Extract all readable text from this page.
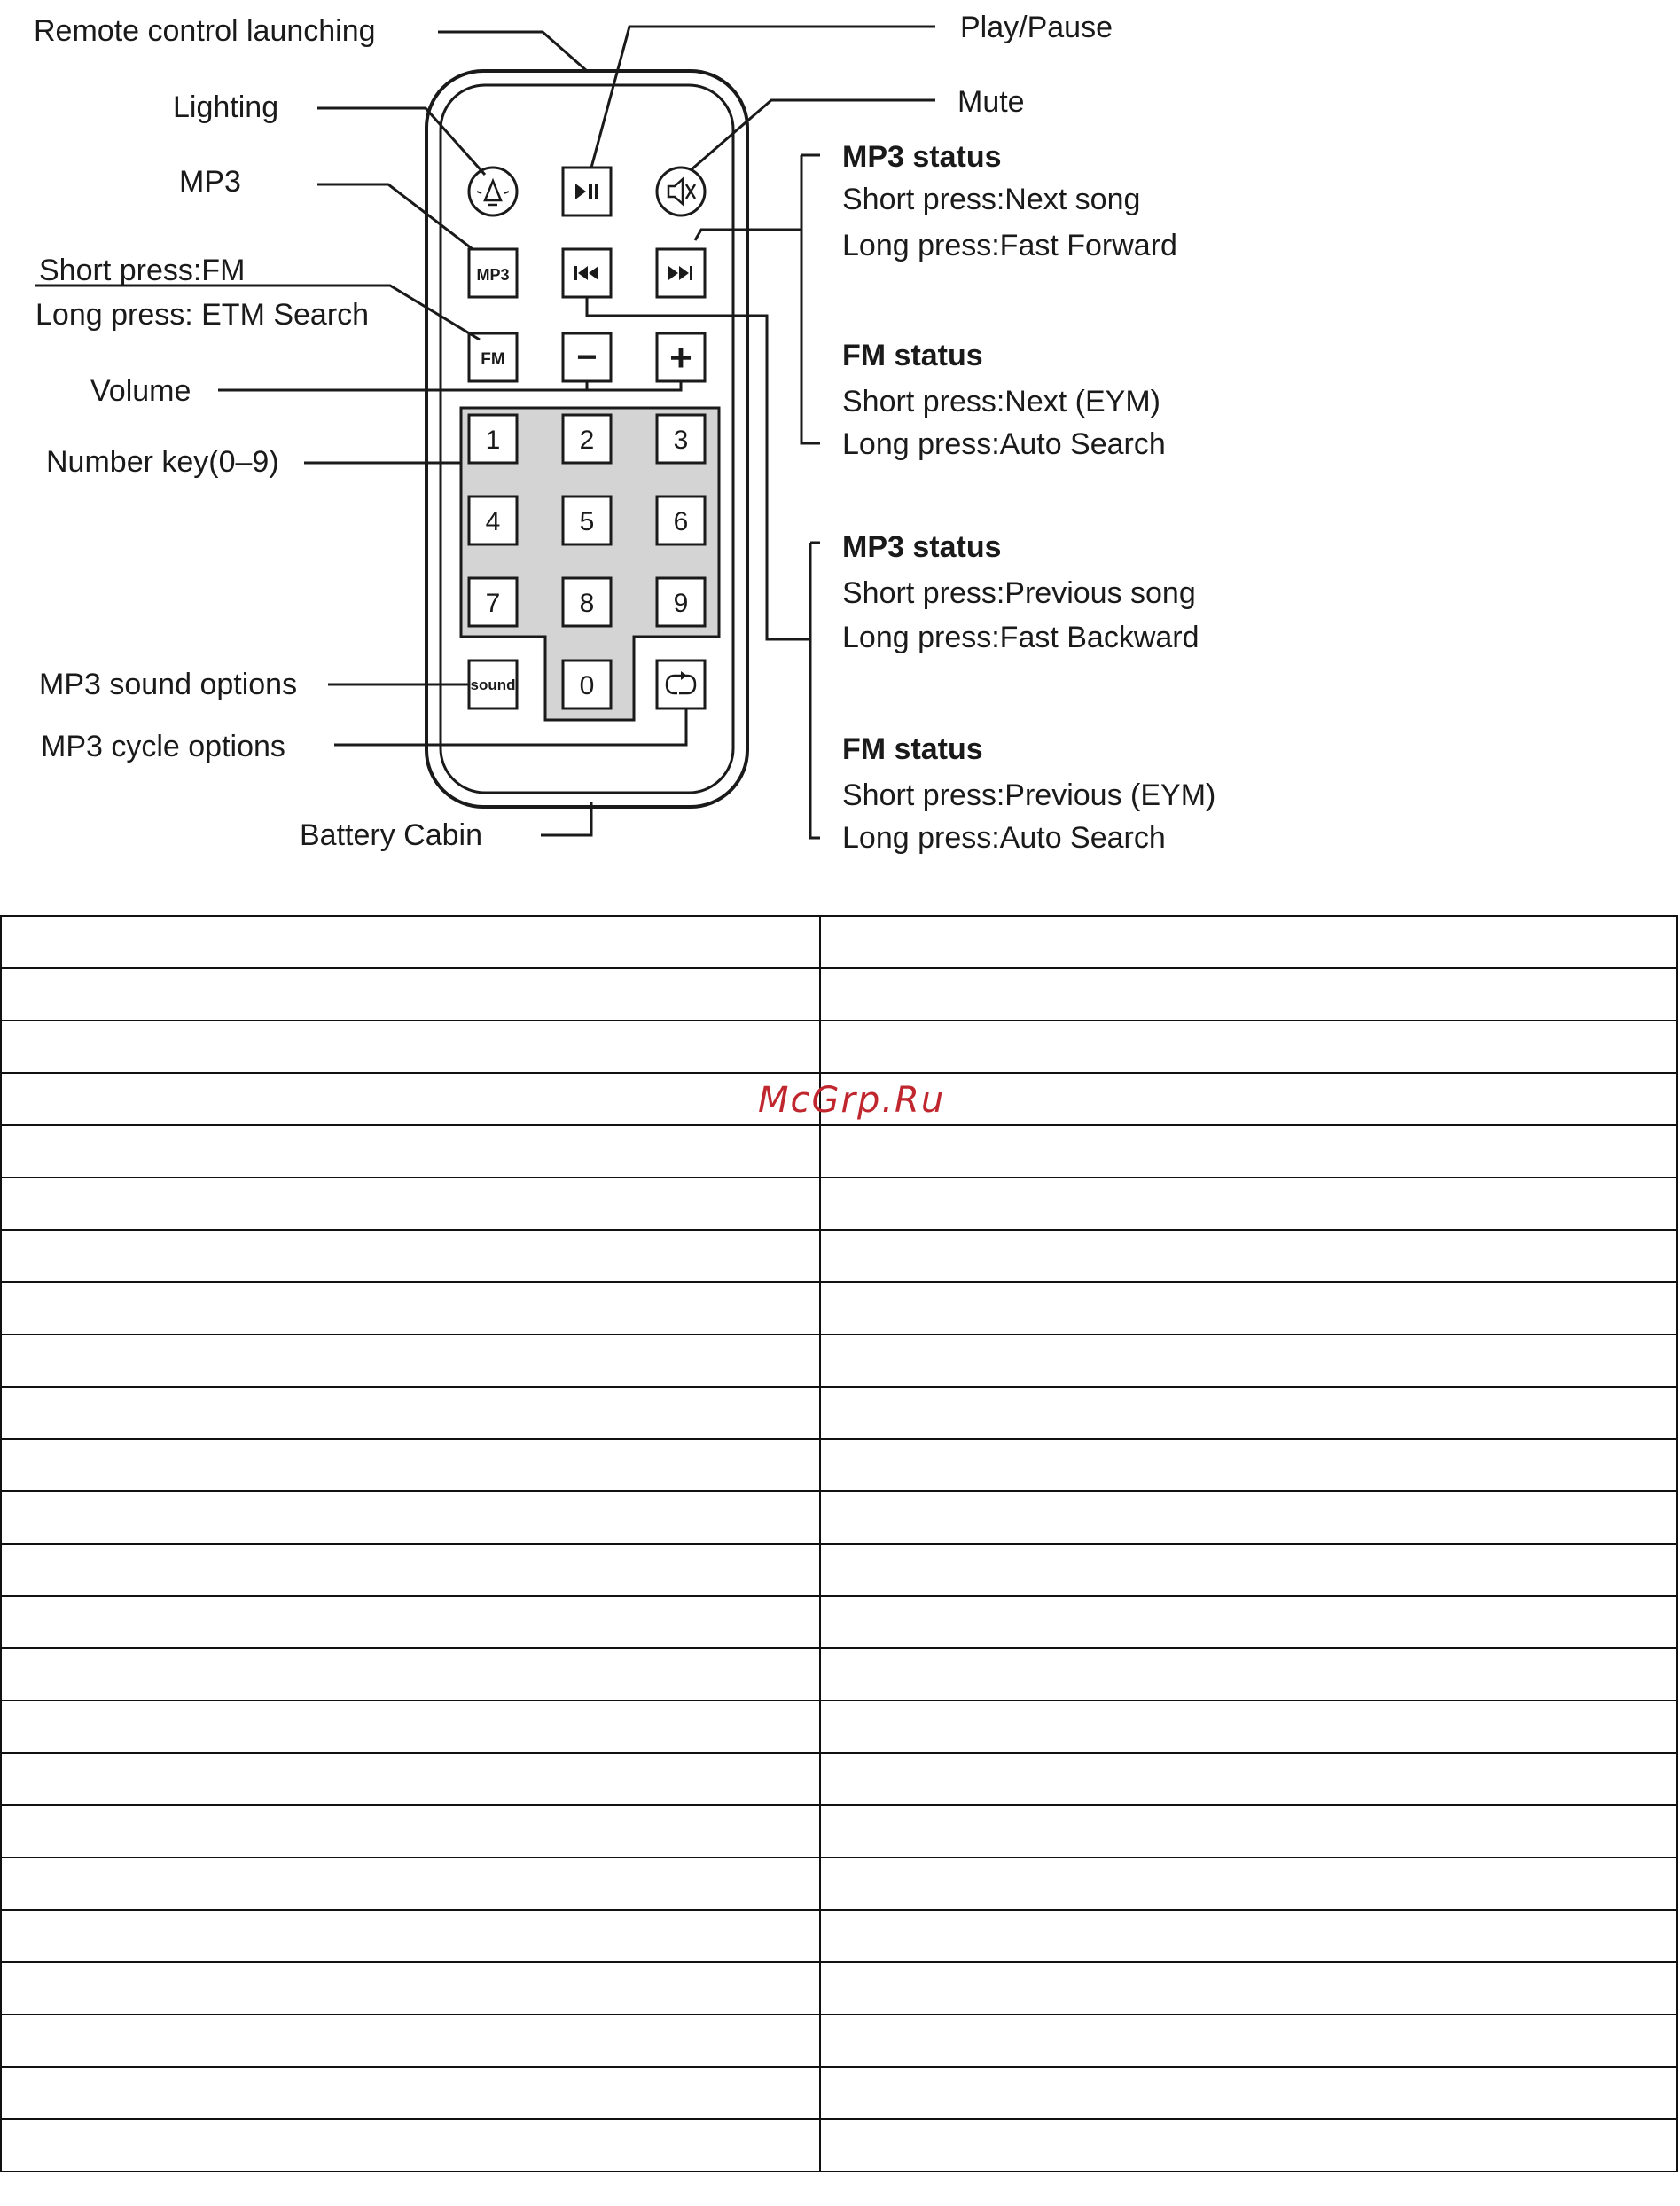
MP3
FM − +
1	2	3
4	5	6
7	8	9
sound 0
Remote control launching	Play/Pause
Lighting	Mute
MP3
Short press:FM
Long press: ETM Search
Volume
Number key(0–9)
MP3 sound options
MP3 cycle options
Battery Cabin
MP3 status
Short press:Next song
Long press:Fast Forward
FM status
Short press:Next (EYM)
Long press:Auto Search
MP3 status
Short press:Previous song
Long press:Fast Backward
FM status
Short press:Previous (EYM)
Long press:Auto Search

McGrp.Ru
